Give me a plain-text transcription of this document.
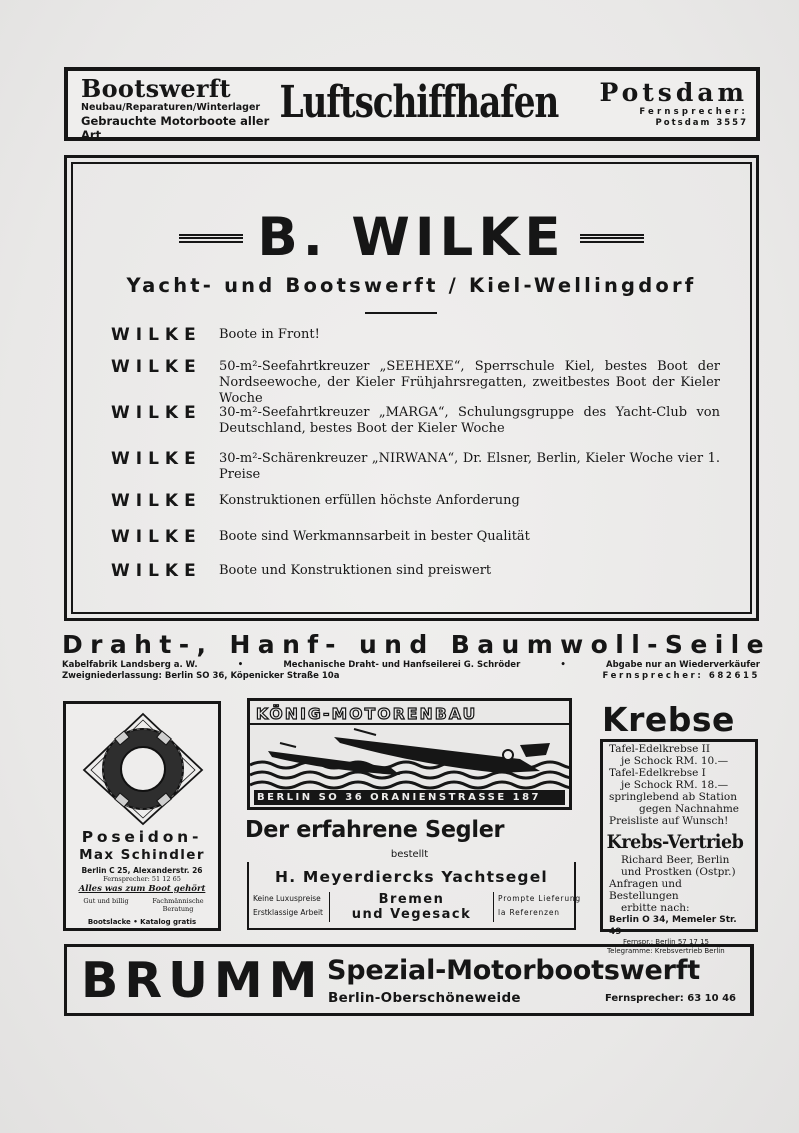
Bootswerft
Neubau/Reparaturen/Winterlager
Gebrauchte Motorboote aller Art
Luftschiffhafen	Potsdam
Fernsprecher:
Potsdam 3557
B. WILKE
Yacht- und Bootswerft / Kiel-Wellingdorf
WILKE	Boote in Front!
WILKE	50-m²-Seefahrtkreuzer „SEEHEXE“, Sperrschule Kiel, bestes Boot der Nordseewoche, der Kieler Frühjahrsregatten, zweitbestes Boot der Kieler Woche
WILKE	30-m²-Seefahrtkreuzer „MARGA“, Schulungsgruppe des Yacht-Club von Deutschland, bestes Boot der Kieler Woche
WILKE	30-m²-Schärenkreuzer „NIRWANA“, Dr. Elsner, Berlin, Kieler Woche vier 1. Preise
WILKE	Konstruktionen erfüllen höchste Anforderung
WILKE	Boote sind Werkmannsarbeit in bester Qualität
WILKE	Boote und Konstruktionen sind preiswert
Draht-, Hanf- und Baumwoll-Seile
Kabelfabrik Landsberg a. W.	•	Mechanische Draht- und Hanfseilerei G. Schröder	•	Abgabe nur an Wiederverkäufer
Zweigniederlassung: Berlin SO 36, Köpenicker Straße 10a	Fernsprecher: 682615
Poseidon-
Max Schindler
Berlin C 25, Alexanderstr. 26
Fernsprecher: 51 12 65
Alles was zum Boot gehört
Gut und billig	Fachmännische Beratung
Bootslacke • Katalog gratis
KÖNIG-MOTORENBAU
BERLIN SO 36 ORANIENSTRASSE 187
Der erfahrene Segler
bestellt
H. Meyerdiercks Yachtsegel
Keine Luxuspreise
Erstklassige Arbeit
Bremen
und Vegesack
Prompte Lieferung
la Referenzen
Krebse
Tafel-Edelkrebse II
je Schock RM. 10.—
Tafel-Edelkrebse I
je Schock RM. 18.—
springlebend ab Station
gegen Nachnahme
Preisliste auf Wunsch!
Krebs-Vertrieb
Richard Beer, Berlin
und Prostken (Ostpr.)
Anfragen und Bestellungen
erbitte nach:
Berlin O 34, Memeler Str. 49
Fernspr.: Berlin 57 17 15
Telegramme: Krebsvertrieb Berlin
BRUMM Spezial-Motorbootswerft
Berlin-Oberschöneweide	Fernsprecher: 63 10 46
